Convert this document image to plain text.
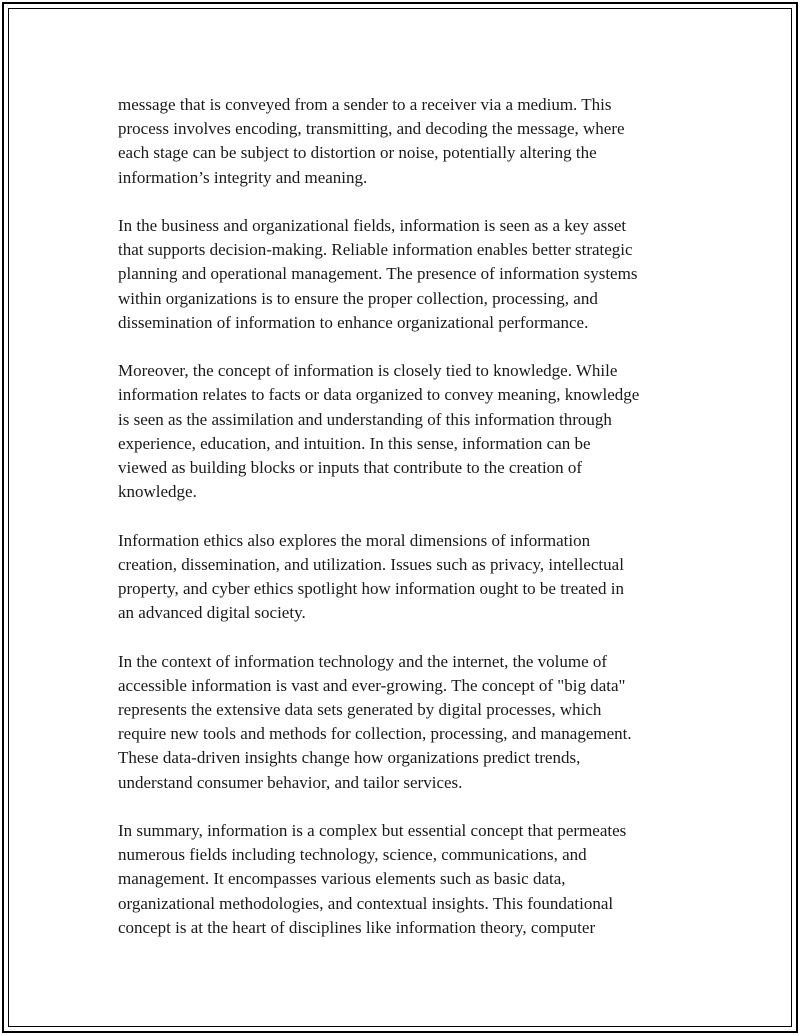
message that is conveyed from a sender to a receiver via a medium. This
process involves encoding, transmitting, and decoding the message, where
each stage can be subject to distortion or noise, potentially altering the
information’s integrity and meaning.

In the business and organizational fields, information is seen as a key asset
that supports decision-making. Reliable information enables better strategic
planning and operational management. The presence of information systems
within organizations is to ensure the proper collection, processing, and
dissemination of information to enhance organizational performance.

Moreover, the concept of information is closely tied to knowledge. While
information relates to facts or data organized to convey meaning, knowledge
is seen as the assimilation and understanding of this information through
experience, education, and intuition. In this sense, information can be
viewed as building blocks or inputs that contribute to the creation of
knowledge.

Information ethics also explores the moral dimensions of information
creation, dissemination, and utilization. Issues such as privacy, intellectual
property, and cyber ethics spotlight how information ought to be treated in
an advanced digital society.

In the context of information technology and the internet, the volume of
accessible information is vast and ever-growing. The concept of "big data"
represents the extensive data sets generated by digital processes, which
require new tools and methods for collection, processing, and management.
These data-driven insights change how organizations predict trends,
understand consumer behavior, and tailor services.

In summary, information is a complex but essential concept that permeates
numerous fields including technology, science, communications, and
management. It encompasses various elements such as basic data,
organizational methodologies, and contextual insights. This foundational
concept is at the heart of disciplines like information theory, computer
